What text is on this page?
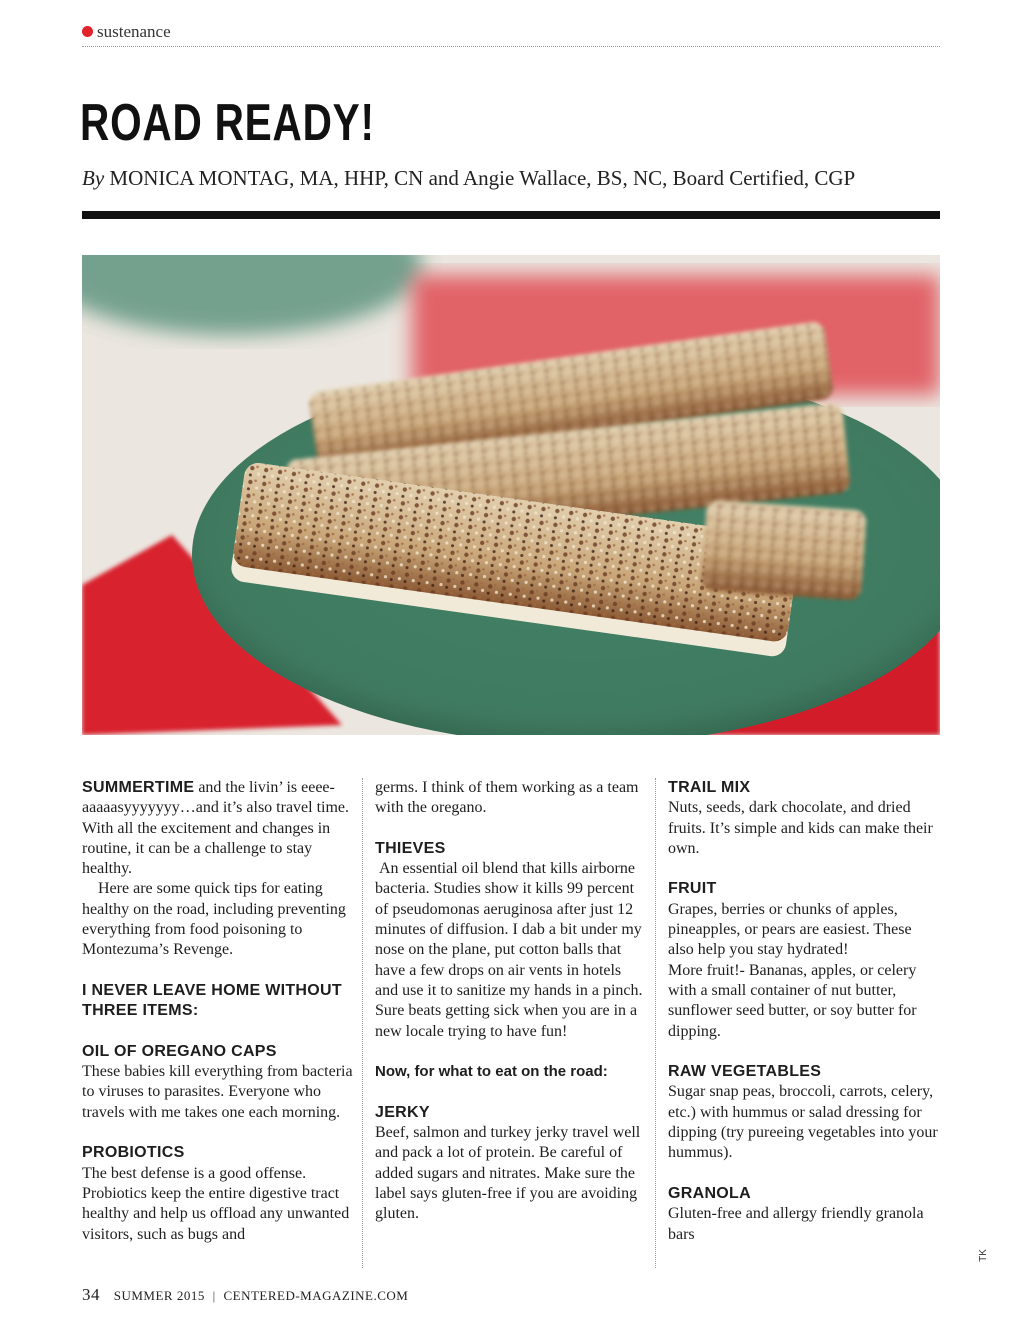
sustenance
ROAD READY!
By MONICA MONTAG, MA, HHP, CN and Angie Wallace, BS, NC, Board Certified, CGP

SUMMERTIME and the livin’ is eeee-aaaaasyyyyyyy…and it’s also travel time. With all the excitement and changes in routine, it can be a challenge to stay healthy.

Here are some quick tips for eating healthy on the road, including preventing everything from food poisoning to Montezuma’s Revenge.

I NEVER LEAVE HOME WITHOUT THREE ITEMS:

OIL OF OREGANO CAPS

These babies kill everything from bacteria to viruses to parasites. Everyone who travels with me takes one each morning.

PROBIOTICS

The best defense is a good offense. Probiotics keep the entire digestive tract healthy and help us offload any unwanted visitors, such as bugs and

germs. I think of them working as a team with the oregano.

THIEVES

An essential oil blend that kills airborne bacteria. Studies show it kills 99 percent of pseudomonas aeruginosa after just 12 minutes of diffusion. I dab a bit under my nose on the plane, put cotton balls that have a few drops on air vents in hotels and use it to sanitize my hands in a pinch. Sure beats getting sick when you are in a new locale trying to have fun!

Now, for what to eat on the road:

JERKY

Beef, salmon and turkey jerky travel well and pack a lot of protein. Be careful of added sugars and nitrates. Make sure the label says gluten-free if you are avoiding gluten.

TRAIL MIX

Nuts, seeds, dark chocolate, and dried fruits. It’s simple and kids can make their own.

FRUIT

Grapes, berries or chunks of apples, pineapples, or pears are easiest. These also help you stay hydrated!

More fruit!- Bananas, apples, or celery with a small container of nut butter, sunflower seed butter, or soy butter for dipping.

RAW VEGETABLES

Sugar snap peas, broccoli, carrots, celery, etc.) with hummus or salad dressing for dipping (try pureeing vegetables into your hummus).

GRANOLA

Gluten-free and allergy friendly granola bars

34 SUMMER 2015 | CENTERED-MAGAZINE.COM
TK
